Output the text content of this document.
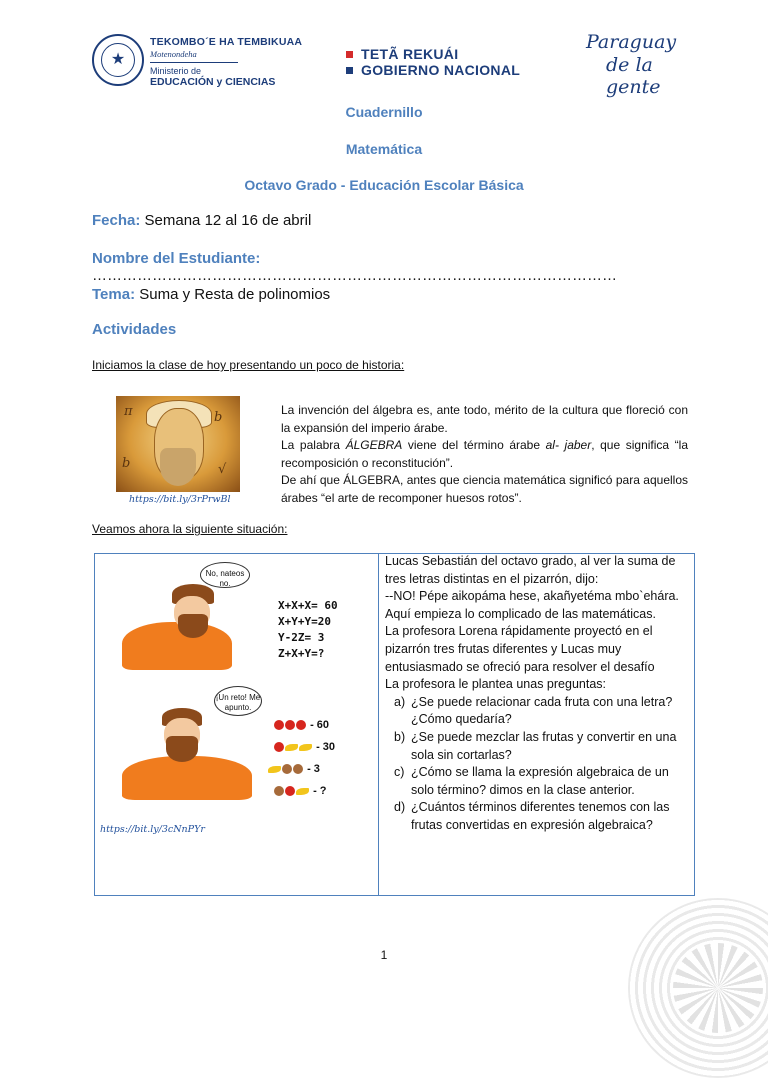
★
TEKOMBO´E HA TEMBIKUAA
Motenondeha
Ministerio de
EDUCACIÓN y CIENCIAS
TETÃ REKUÁI
GOBIERNO NACIONAL
Paraguay
de la gente
Cuadernillo
Matemática
Octavo Grado - Educación Escolar Básica
Fecha: Semana 12 al 16 de abril
Nombre del Estudiante: ……………………………………………………………………………………………
Tema: Suma y Resta de polinomios
Actividades
Iniciamos la clase de hoy presentando un poco de historia:
π	b
b	√
https://bit.ly/3rPrwBl

La invención del álgebra es, ante todo, mérito de la cultura que floreció con la expansión del imperio árabe.

La palabra ÁLGEBRA viene del término árabe al- jaber, que significa “la recomposición o reconstitución”.

De ahí que ÁLGEBRA, antes que ciencia matemática significó para aquellos árabes “el arte de recomponer huesos rotos”.

Veamos ahora la siguiente situación:
No, nateos no.
X+X+X= 60
X+Y+Y=20
Y-2Z= 3
Z+X+Y=?
¡Un reto! Me apunto.
- 60
- 30
- 3
- ?
https://bit.ly/3cNnPYr

Lucas Sebastián del octavo grado, al ver la suma de tres letras distintas en el pizarrón, dijo:

--NO! Pépe aikopáma hese, akañyetéma mbo`ehára. Aquí empieza lo complicado de las matemáticas.

La profesora Lorena rápidamente proyectó en el pizarrón tres frutas diferentes y Lucas muy entusiasmado se ofreció para resolver el desafío

La profesora le plantea unas preguntas:

a) ¿Se puede relacionar cada fruta con una letra? ¿Cómo quedaría?
b) ¿Se puede mezclar las frutas y convertir en una sola sin cortarlas?
c) ¿Cómo se llama la expresión algebraica de un solo término? dimos en la clase anterior.
d) ¿Cuántos términos diferentes tenemos con las frutas convertidas en expresión algebraica?
1
